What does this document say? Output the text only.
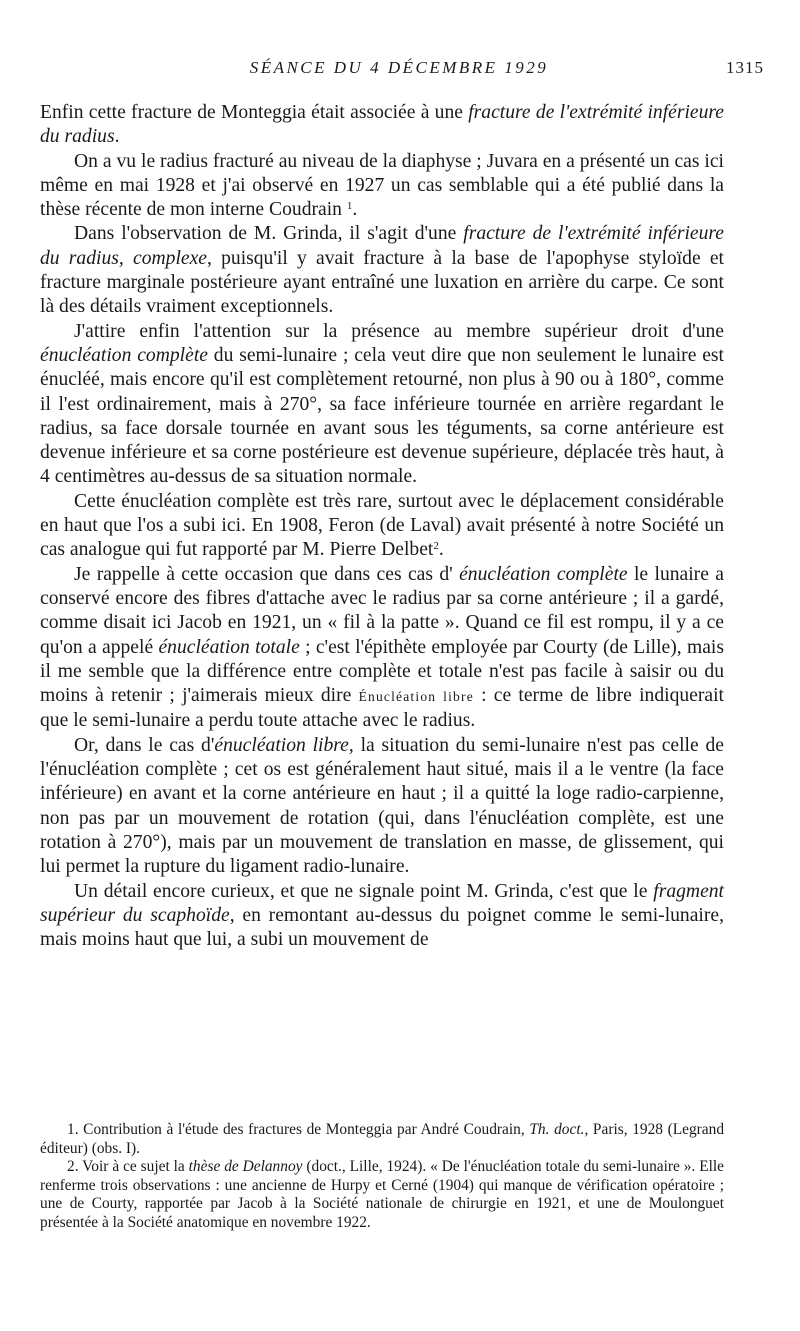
SÉANCE DU 4 DÉCEMBRE 1929	1315

Enfin cette fracture de Monteggia était associée à une fracture de l'extrémité inférieure du radius.

On a vu le radius fracturé au niveau de la diaphyse ; Juvara en a présenté un cas ici même en mai 1928 et j'ai observé en 1927 un cas semblable qui a été publié dans la thèse récente de mon interne Coudrain $^1$.

Dans l'observation de M. Grinda, il s'agit d'une fracture de l'extrémité inférieure du radius, complexe, puisqu'il y avait fracture à la base de l'apophyse styloïde et fracture marginale postérieure ayant entraîné une luxation en arrière du carpe. Ce sont là des détails vraiment exceptionnels.

J'attire enfin l'attention sur la présence au membre supérieur droit d'une énucléation complète du semi-lunaire ; cela veut dire que non seulement le lunaire est énucléé, mais encore qu'il est complètement retourné, non plus à 90 ou à 180°, comme il l'est ordinairement, mais à 270°, sa face inférieure tournée en arrière regardant le radius, sa face dorsale tournée en avant sous les téguments, sa corne antérieure est devenue inférieure et sa corne postérieure est devenue supérieure, déplacée très haut, à 4 centimètres au-dessus de sa situation normale.

Cette énucléation complète est très rare, surtout avec le déplacement considérable en haut que l'os a subi ici. En 1908, Feron (de Laval) avait présenté à notre Société un cas analogue qui fut rapporté par M. Pierre Delbet$^2$.

Je rappelle à cette occasion que dans ces cas d' énucléation complète le lunaire a conservé encore des fibres d'attache avec le radius par sa corne antérieure ; il a gardé, comme disait ici Jacob en 1921, un « fil à la patte ». Quand ce fil est rompu, il y a ce qu'on a appelé énucléation totale ; c'est l'épithète employée par Courty (de Lille), mais il me semble que la différence entre complète et totale n'est pas facile à saisir ou du moins à retenir ; j'aimerais mieux dire Énucléation libre : ce terme de libre indiquerait que le semi-lunaire a perdu toute attache avec le radius.

Or, dans le cas d'énucléation libre, la situation du semi-lunaire n'est pas celle de l'énucléation complète ; cet os est généralement haut situé, mais il a le ventre (la face inférieure) en avant et la corne antérieure en haut ; il a quitté la loge radio-carpienne, non pas par un mouvement de rotation (qui, dans l'énucléation complète, est une rotation à 270°), mais par un mouvement de translation en masse, de glissement, qui lui permet la rupture du ligament radio-lunaire.

Un détail encore curieux, et que ne signale point M. Grinda, c'est que le fragment supérieur du scaphoïde, en remontant au-dessus du poignet comme le semi-lunaire, mais moins haut que lui, a subi un mouvement de

1. Contribution à l'étude des fractures de Monteggia par André Coudrain, Th. doct., Paris, 1928 (Legrand éditeur) (obs. I).

2. Voir à ce sujet la thèse de Delannoy (doct., Lille, 1924). « De l'énucléation totale du semi-lunaire ». Elle renferme trois observations : une ancienne de Hurpy et Cerné (1904) qui manque de vérification opératoire ; une de Courty, rapportée par Jacob à la Société nationale de chirurgie en 1921, et une de Moulonguet présentée à la Société anatomique en novembre 1922.
